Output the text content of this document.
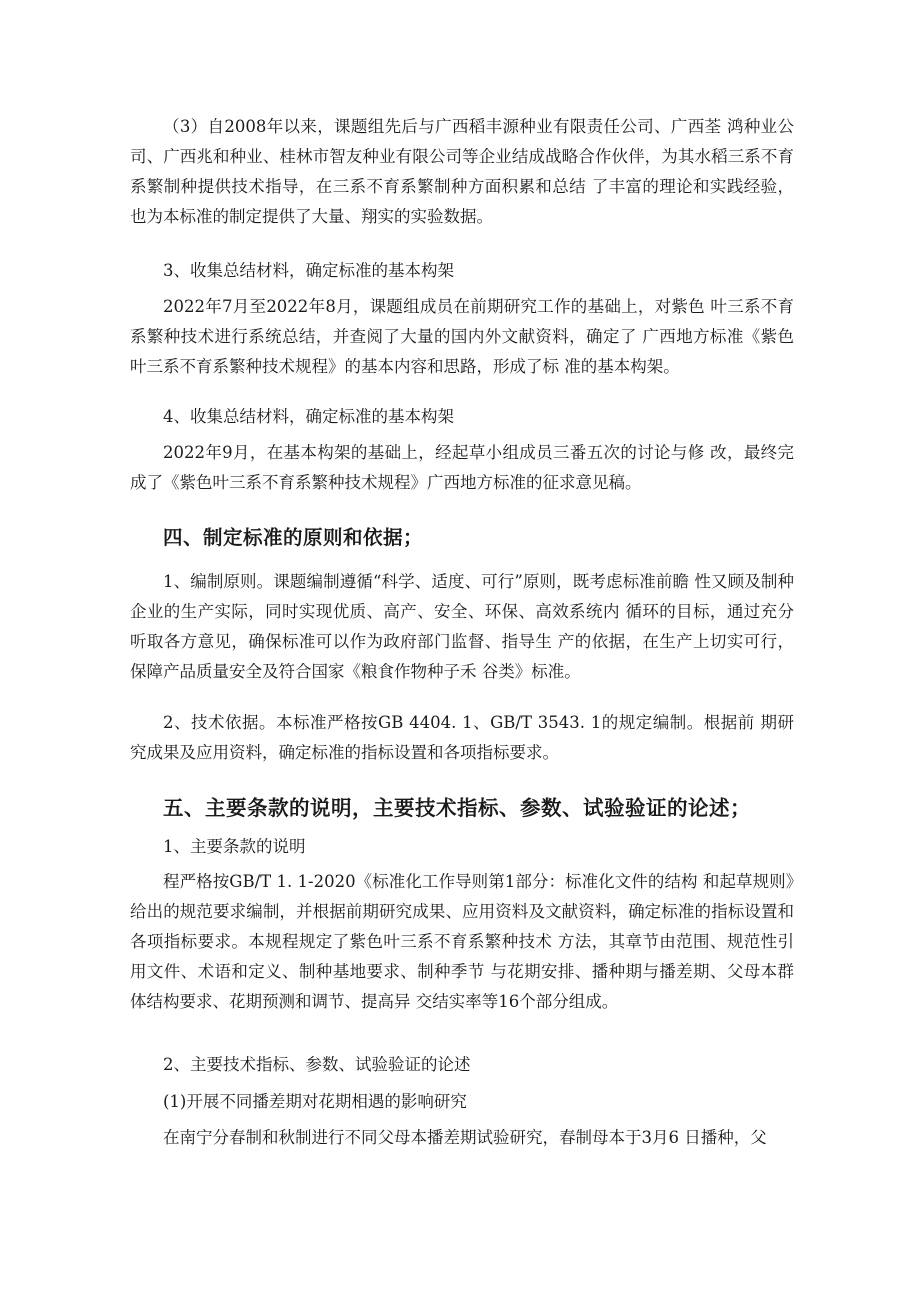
（3）自2008年以来，课题组先后与广西稻丰源种业有限责任公司、广西荃 鸿种业公司、广西兆和种业、桂林市智友种业有限公司等企业结成战略合作伙伴，为其水稻三系不育系繁制种提供技术指导，在三系不育系繁制种方面积累和总结 了丰富的理论和实践经验，也为本标准的制定提供了大量、翔实的实验数据。

3、收集总结材料，确定标准的基本构架

2022年7月至2022年8月，课题组成员在前期研究工作的基础上，对紫色 叶三系不育系繁种技术进行系统总结，并查阅了大量的国内外文献资料，确定了 广西地方标准《紫色叶三系不育系繁种技术规程》的基本内容和思路，形成了标 准的基本构架。

4、收集总结材料，确定标准的基本构架

2022年9月，在基本构架的基础上，经起草小组成员三番五次的讨论与修 改，最终完成了《紫色叶三系不育系繁种技术规程》广西地方标准的征求意见稿。

四、制定标准的原则和依据；

1、编制原则。课题编制遵循“科学、适度、可行”原则，既考虑标准前瞻 性又顾及制种企业的生产实际，同时实现优质、高产、安全、环保、高效系统内 循环的目标，通过充分听取各方意见，确保标准可以作为政府部门监督、指导生 产的依据，在生产上切实可行，保障产品质量安全及符合国家《粮食作物种子禾 谷类》标准。

2、技术依据。本标准严格按GB 4404. 1、GB/T 3543. 1的规定编制。根据前 期研究成果及应用资料，确定标准的指标设置和各项指标要求。

五、主要条款的说明，主要技术指标、参数、试验验证的论述；

1、主要条款的说明

程严格按GB/T 1. 1-2020《标准化工作导则第1部分：标准化文件的结构 和起草规则》给出的规范要求编制，并根据前期研究成果、应用资料及文献资料，确定标准的指标设置和各项指标要求。本规程规定了紫色叶三系不育系繁种技术 方法，其章节由范围、规范性引用文件、术语和定义、制种基地要求、制种季节 与花期安排、播种期与播差期、父母本群体结构要求、花期预测和调节、提高异 交结实率等16个部分组成。

2、主要技术指标、参数、试验验证的论述

(1)开展不同播差期对花期相遇的影响研究

在南宁分春制和秋制进行不同父母本播差期试验研究，春制母本于3月6 日播种，父
